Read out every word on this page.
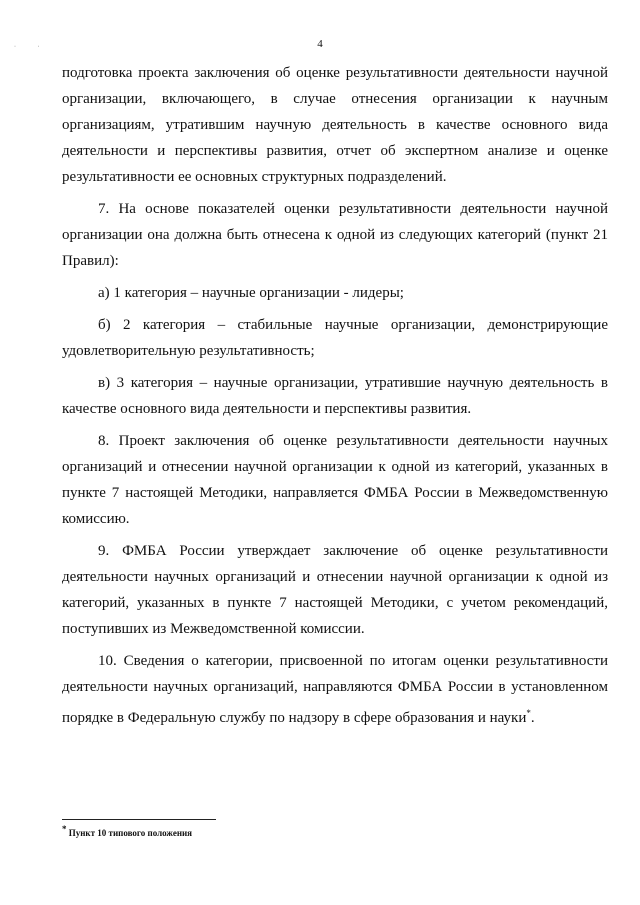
· ·	4

подготовка проекта заключения об оценке результативности деятельности научной организации, включающего, в случае отнесения организации к научным организациям, утратившим научную деятельность в качестве основного вида деятельности и перспективы развития, отчет об экспертном анализе и оценке результативности ее основных структурных подразделений.

7. На основе показателей оценки результативности деятельности научной организации она должна быть отнесена к одной из следующих категорий (пункт 21 Правил):

а) 1 категория – научные организации - лидеры;

б) 2 категория – стабильные научные организации, демонстрирующие удовлетворительную результативность;

в) 3 категория – научные организации, утратившие научную деятельность в качестве основного вида деятельности и перспективы развития.

8. Проект заключения об оценке результативности деятельности научных организаций и отнесении научной организации к одной из категорий, указанных в пункте 7 настоящей Методики, направляется ФМБА России в Межведомственную комиссию.

9. ФМБА России утверждает заключение об оценке результативности деятельности научных организаций и отнесении научной организации к одной из категорий, указанных в пункте 7 настоящей Методики, с учетом рекомендаций, поступивших из Межведомственной комиссии.

10. Сведения о категории, присвоенной по итогам оценки результативности деятельности научных организаций, направляются ФМБА России в установленном порядке в Федеральную службу по надзору в сфере образования и науки*.

* Пункт 10 типового положения
